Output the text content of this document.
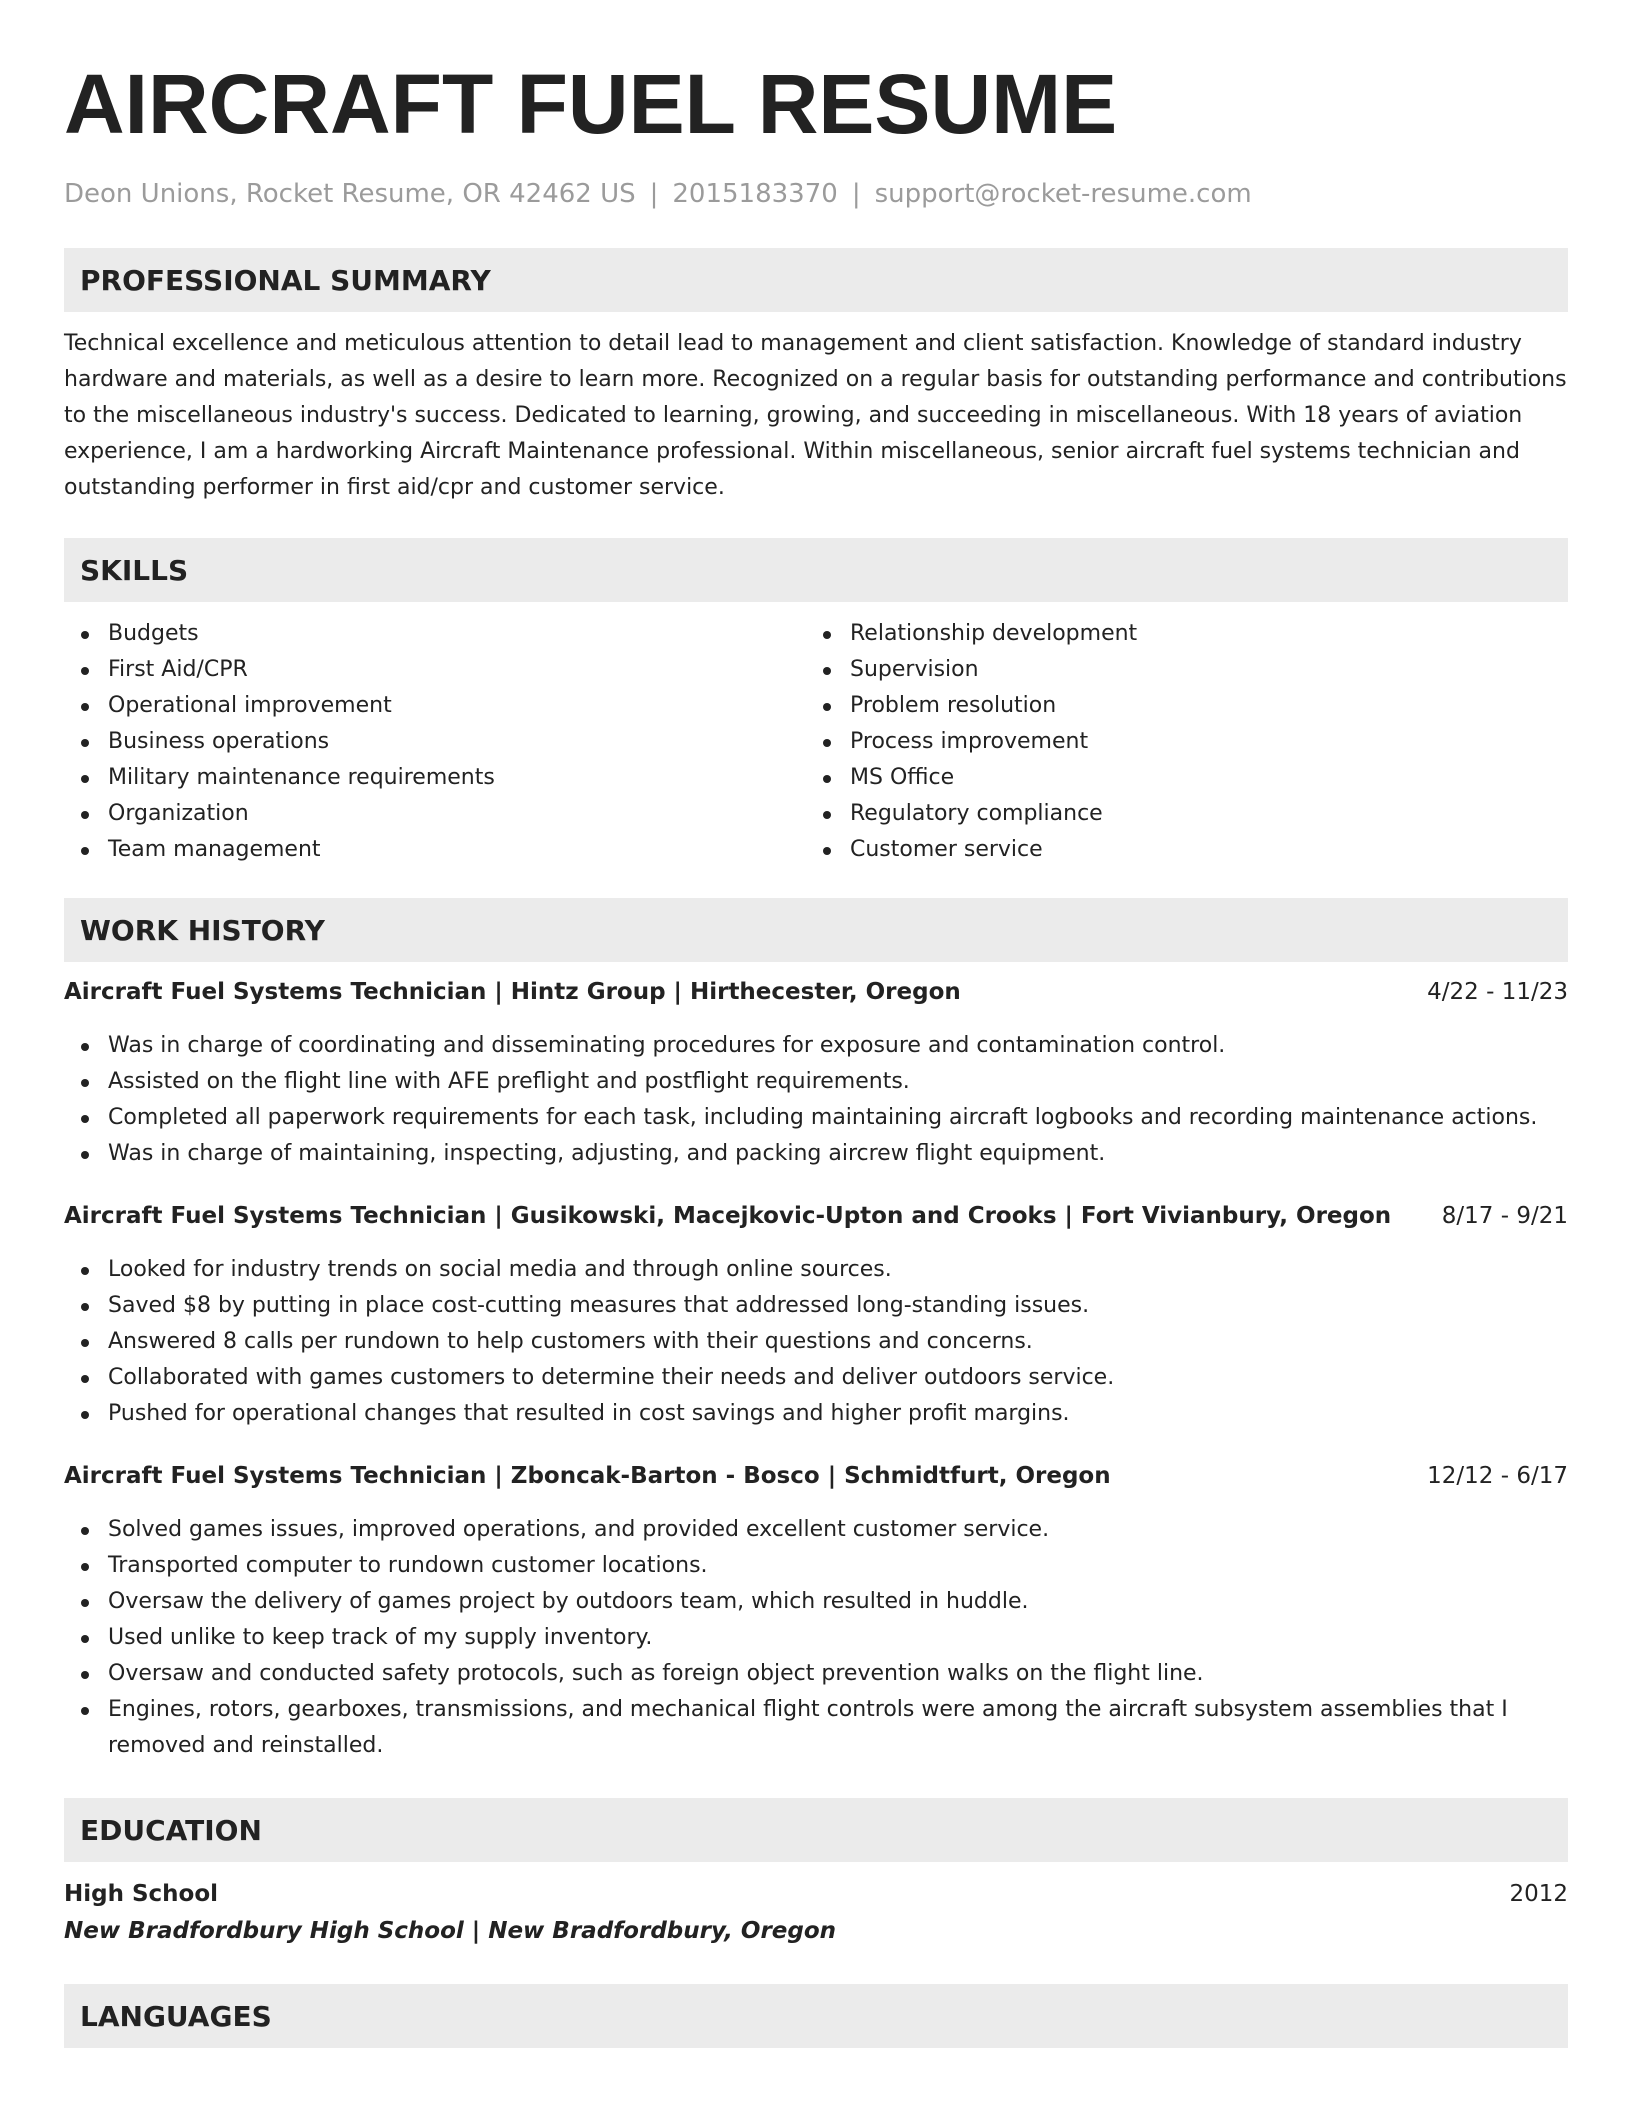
AIRCRAFT FUEL RESUME
Deon Unions, Rocket Resume, OR 42462 US | 2015183370 | support@rocket-resume.com
PROFESSIONAL SUMMARY

Technical excellence and meticulous attention to detail lead to management and client satisfaction. Knowledge of standard industry hardware and materials, as well as a desire to learn more. Recognized on a regular basis for outstanding performance and contributions to the miscellaneous industry's success. Dedicated to learning, growing, and succeeding in miscellaneous. With 18 years of aviation experience, I am a hardworking Aircraft Maintenance professional. Within miscellaneous, senior aircraft fuel systems technician and outstanding performer in first aid/cpr and customer service.

SKILLS
Budgets
First Aid/CPR
Operational improvement
Business operations
Military maintenance requirements
Organization
Team management
Relationship development
Supervision
Problem resolution
Process improvement
MS Office
Regulatory compliance
Customer service
WORK HISTORY
Aircraft Fuel Systems Technician | Hintz Group | Hirthecester, Oregon	4/22 - 11/23
Was in charge of coordinating and disseminating procedures for exposure and contamination control.
Assisted on the flight line with AFE preflight and postflight requirements.
Completed all paperwork requirements for each task, including maintaining aircraft logbooks and recording maintenance actions.
Was in charge of maintaining, inspecting, adjusting, and packing aircrew flight equipment.
Aircraft Fuel Systems Technician | Gusikowski, Macejkovic-Upton and Crooks | Fort Vivianbury, Oregon 8/17 - 9/21
Looked for industry trends on social media and through online sources.
Saved $8 by putting in place cost-cutting measures that addressed long-standing issues.
Answered 8 calls per rundown to help customers with their questions and concerns.
Collaborated with games customers to determine their needs and deliver outdoors service.
Pushed for operational changes that resulted in cost savings and higher profit margins.
Aircraft Fuel Systems Technician | Zboncak-Barton - Bosco | Schmidtfurt, Oregon	12/12 - 6/17
Solved games issues, improved operations, and provided excellent customer service.
Transported computer to rundown customer locations.
Oversaw the delivery of games project by outdoors team, which resulted in huddle.
Used unlike to keep track of my supply inventory.
Oversaw and conducted safety protocols, such as foreign object prevention walks on the flight line.
Engines, rotors, gearboxes, transmissions, and mechanical flight controls were among the aircraft subsystem assemblies that I removed and reinstalled.
EDUCATION
High School	2012
New Bradfordbury High School | New Bradfordbury, Oregon
LANGUAGES
